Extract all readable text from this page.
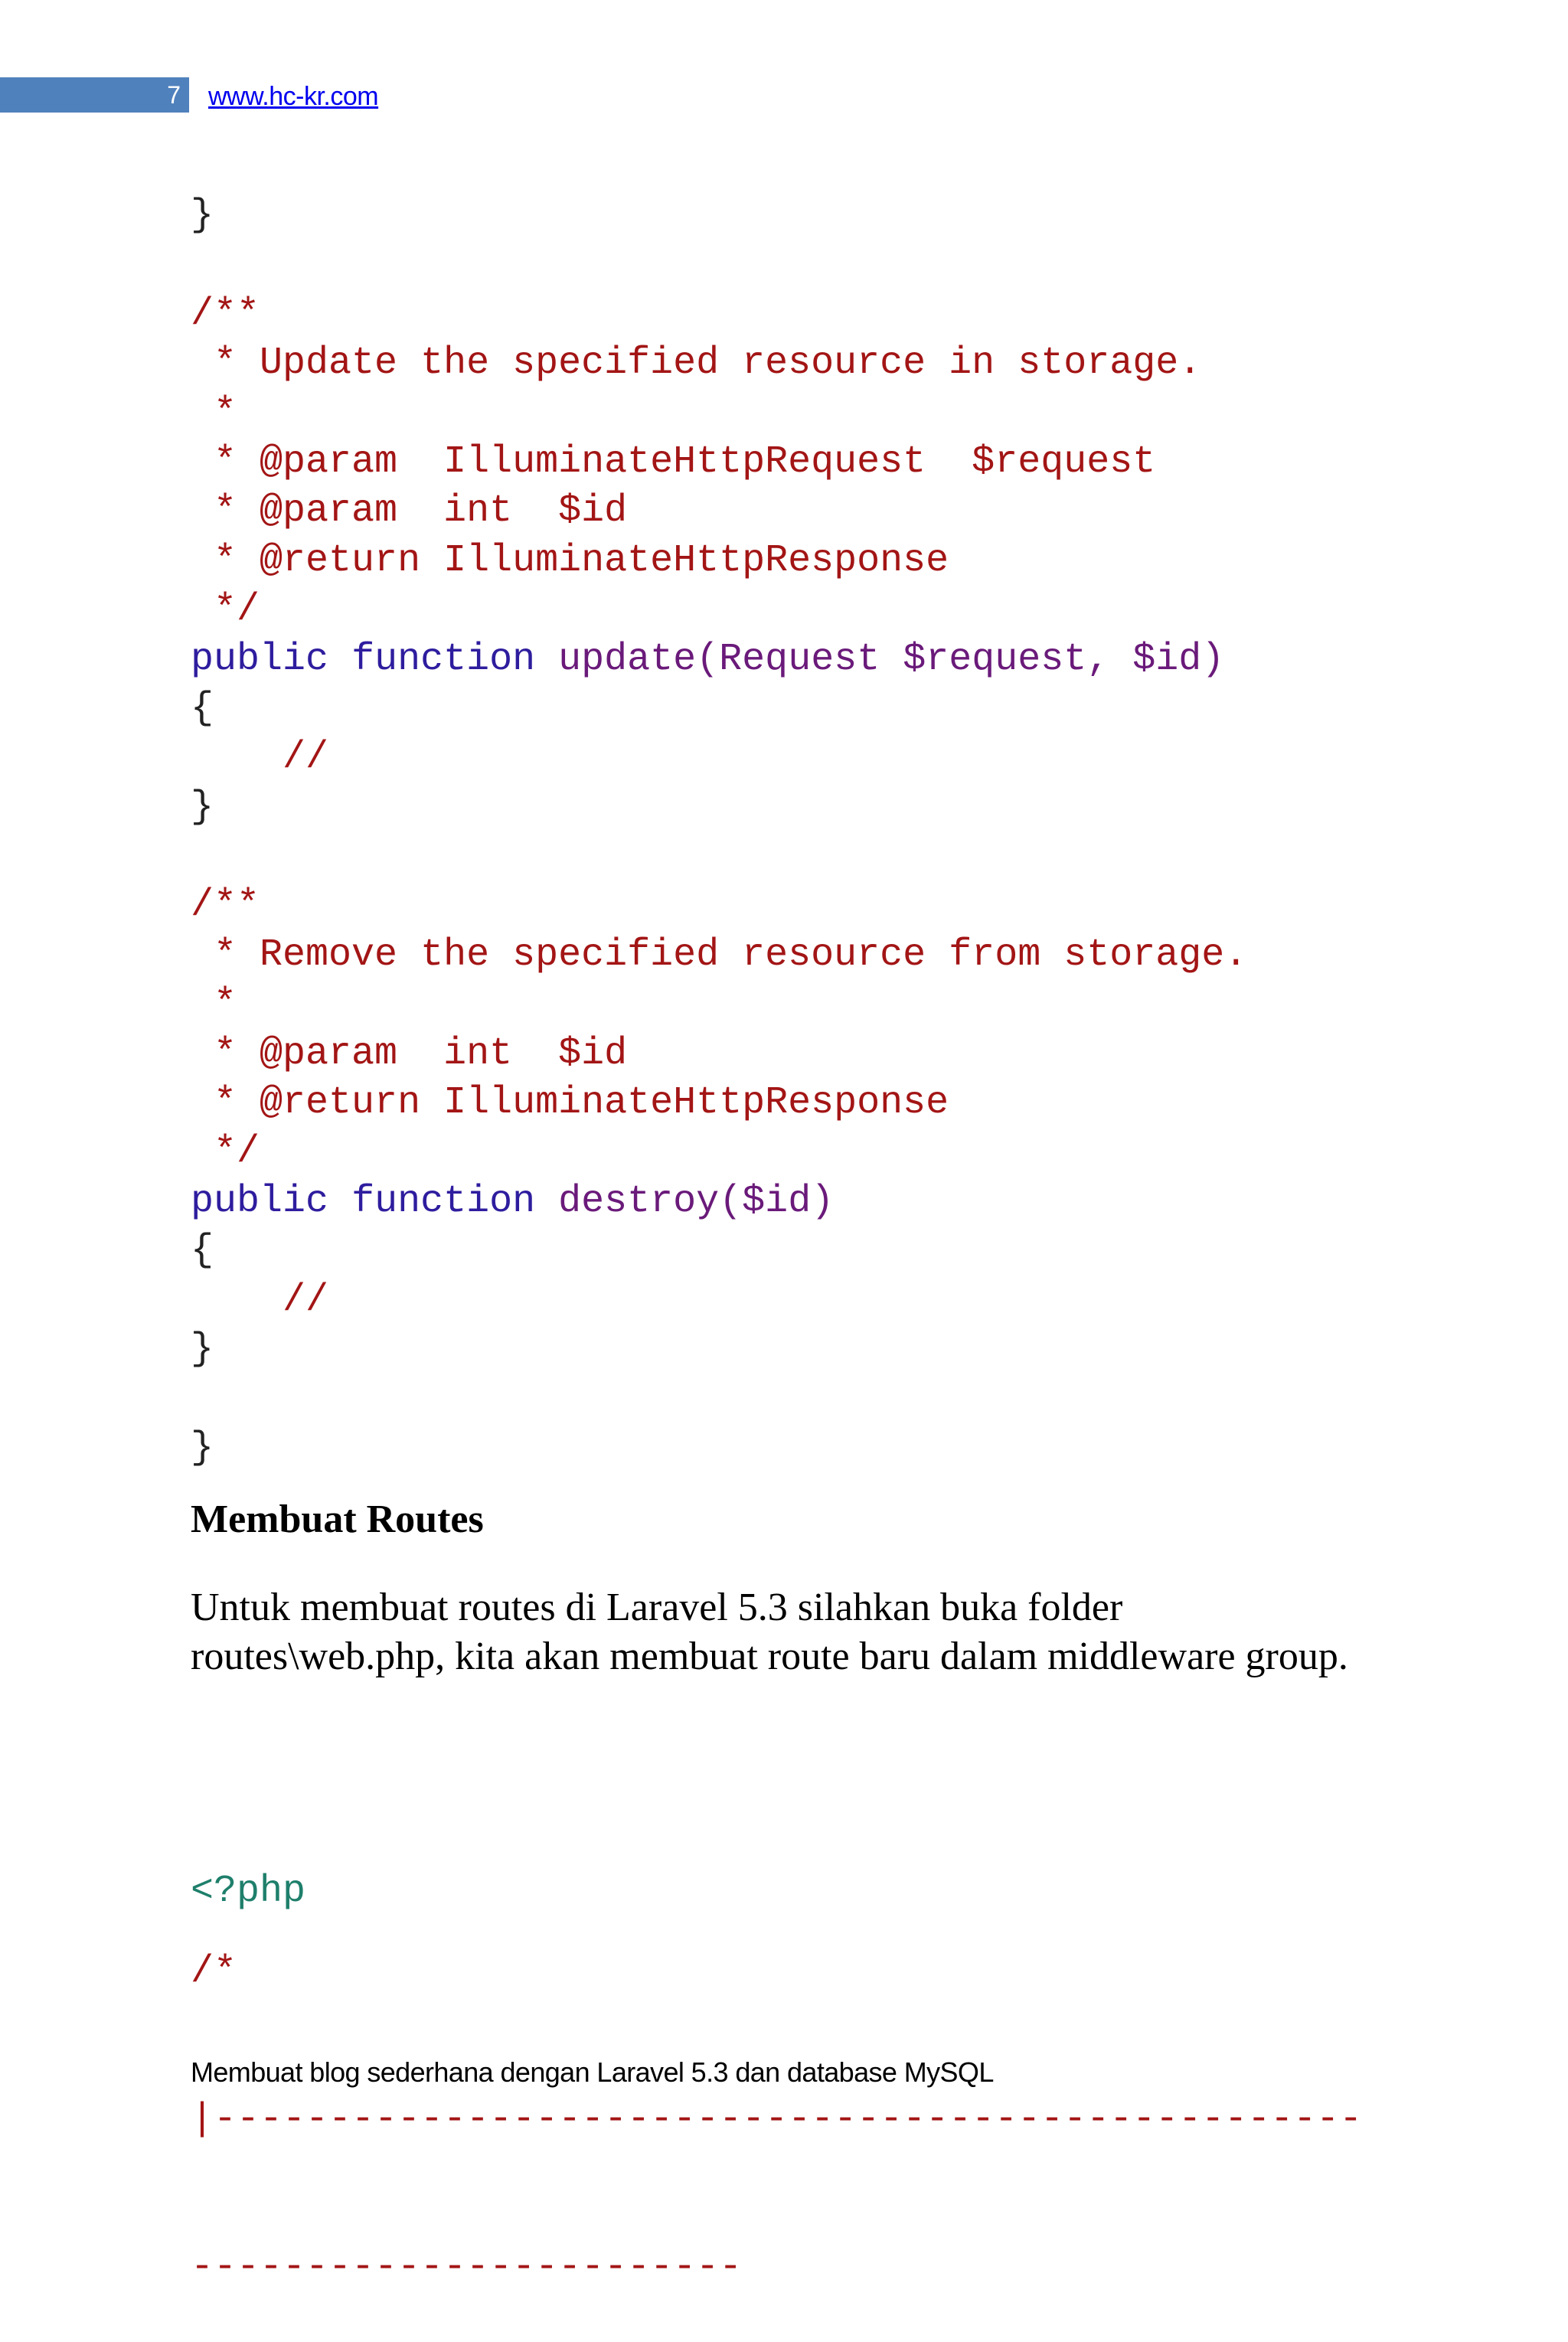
7 www.hc-kr.com
}
/**
* Update the specified resource in storage.
*
* @param  IlluminateHttpRequest  $request
* @param  int  $id
* @return IlluminateHttpResponse
*/
public function update(Request $request, $id)
{
//
}
/**
* Remove the specified resource from storage.
*
* @param  int  $id
* @return IlluminateHttpResponse
*/
public function destroy($id)
{
//
}
}
Membuat Routes
Untuk membuat routes di Laravel 5.3 silahkan buka folder routes\web.php, kita akan membuat route baru dalam middleware group.

<?php

/*

|--------------------------------------------------

------------------------

Membuat blog sederhana dengan Laravel 5.3 dan database MySQL
